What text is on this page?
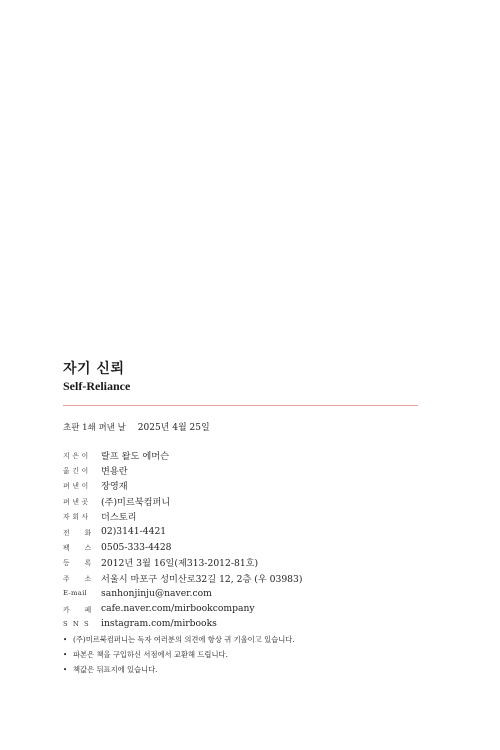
자기 신뢰
Self-Reliance
초판 1쇄 펴낸 날 2025년 4월 25일
지 은 이	랄프 왈도 에머슨
옮 긴 이	변용란
펴 낸 이	장영재
펴 낸 곳	(주)미르북컴퍼니
자 회 사	더스토리
전      화	02)3141-4421
팩      스	0505-333-4428
등      록	2012년 3월 16일(제313-2012-81호)
주      소	서울시 마포구 성미산로32길 12, 2층 (우 03983)
E-mail	sanhonjinju@naver.com
카      페	cafe.naver.com/mirbookcompany
S  N  S	instagram.com/mirbooks
• (주)미르북컴퍼니는 독자 여러분의 의견에 항상 귀 기울이고 있습니다.
• 파본은 책을 구입하신 서점에서 교환해 드립니다.
• 책값은 뒤표지에 있습니다.
